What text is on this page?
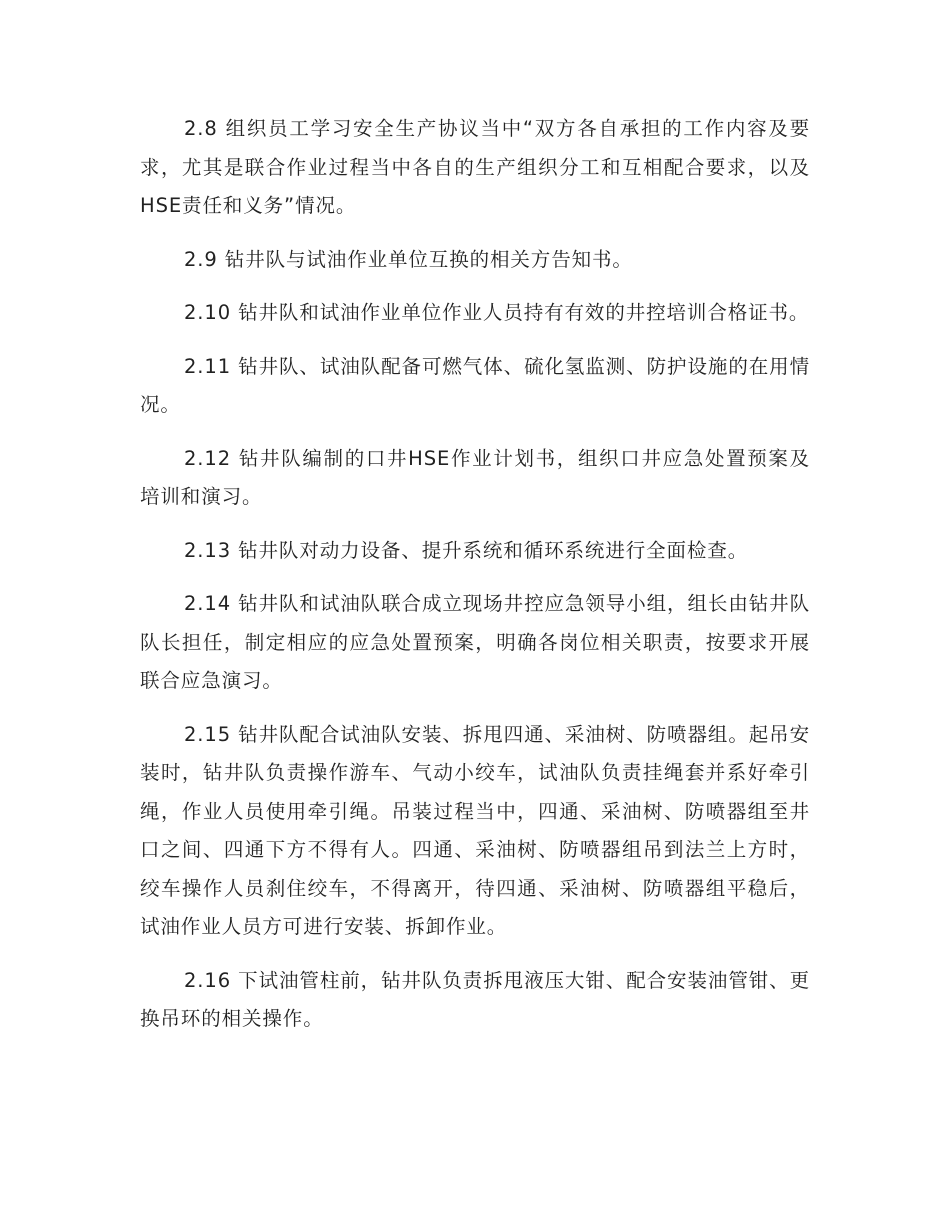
2.8 组织员工学习安全生产协议当中“双方各自承担的工作内容及要求，尤其是联合作业过程当中各自的生产组织分工和互相配合要求，以及HSE责任和义务”情况。

2.9 钻井队与试油作业单位互换的相关方告知书。

2.10 钻井队和试油作业单位作业人员持有有效的井控培训合格证书。

2.11 钻井队、试油队配备可燃气体、硫化氢监测、防护设施的在用情况。

2.12 钻井队编制的口井HSE作业计划书，组织口井应急处置预案及培训和演习。

2.13 钻井队对动力设备、提升系统和循环系统进行全面检查。

2.14 钻井队和试油队联合成立现场井控应急领导小组，组长由钻井队队长担任，制定相应的应急处置预案，明确各岗位相关职责，按要求开展联合应急演习。

2.15 钻井队配合试油队安装、拆甩四通、采油树、防喷器组。起吊安装时，钻井队负责操作游车、气动小绞车，试油队负责挂绳套并系好牵引绳，作业人员使用牵引绳。吊装过程当中，四通、采油树、防喷器组至井口之间、四通下方不得有人。四通、采油树、防喷器组吊到法兰上方时，绞车操作人员刹住绞车，不得离开，待四通、采油树、防喷器组平稳后，试油作业人员方可进行安装、拆卸作业。

2.16 下试油管柱前，钻井队负责拆甩液压大钳、配合安装油管钳、更换吊环的相关操作。
